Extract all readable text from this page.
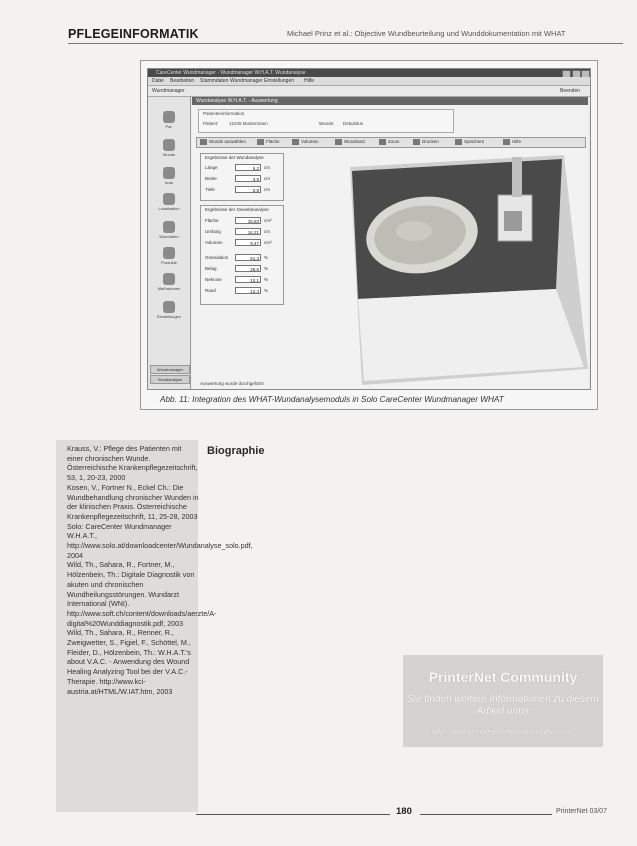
PFLEGEINFORMATIK	Michael Prinz et al.: Objective Wundbeurteilung und Wunddokumentation mit WHAT
CareCenter Wundmanager - Wundmanager W.H.A.T. Wundanalyse
Datei Bearbeiten Stammdaten Wundmanager Einstellungen Hilfe
Wundmanager	Beenden
Pat.
Wunde
Auto
Lokalisation
Wundarten
Produkte
Maßnahmen
Einstellungen
Wundmanager
Wundanalyse
Wundanalyse W.H.A.T. - Auswertung
Patienteninformation
Patient: 12345 Mustermann	Wunde: Dekubitus
Wunde auswählen	Fläche	Volumen	Wundrand	Zoom	Drucken	Speichern	Hilfe
Ergebnisse der Wundanalyse
Länge	5,2	cm
Breite	3,9	cm
Tiefe	0,8	cm
Ergebnisse der Gewebeanalyse
Fläche	15,83	cm²
Umfang	16,21	cm
Volumen	9,47	cm³
Granulation	61,3	%
Belag	28,6	%
Nekrose	10,1	%
Rand	12,4	%
Auswertung wurde durchgeführt
Abb. 11: Integration des WHAT-Wundanalysemoduls in Solo CareCenter Wundmanager WHAT

Krauss, V.: Pflege des Patienten mit einer chronischen Wunde. Österreichische Krankenpflegezeitschrift, 53, 1, 20-23, 2000

Kosen, V., Fortner N., Eckel Ch.: Die Wundbehandlung chronischer Wunden in der klinischen Praxis. Österreichische Krankenpflegezeitschrift, 11, 25-28, 2003

Solo: CareCenter Wundmanager W.H.A.T., http://www.solo.at/downloadcenter/Wundanalyse_solo.pdf, 2004

Wild, Th., Sahara, R., Fortner, M., Hölzenbein, Th.: Digitale Diagnostik von akuten und chronischen Wundheilungsstörungen. Wundarzt International (WNI). http://www.soft.ch/content/downloads/aerzte/A-digital%20Wunddiagnostik.pdf, 2003

Wild, Th., Sahara, R., Renner, R., Zweigwetter, S., Figiel, F., Schöttel, M., Fleider, D., Hölzenbein, Th.: W.H.A.T.'s about V.A.C. - Anwendung des Wound Healing Analyzing Tool bei der V.A.C.-Therapie. http://www.kci-austria.at/HTML/W.IAT.htm, 2003

Biographie
PrinterNet Community
Sie finden weitere Informationen zu diesem Artikel unter
http://www.printernet.info/community/n-233
180	PrinterNet 03/07
